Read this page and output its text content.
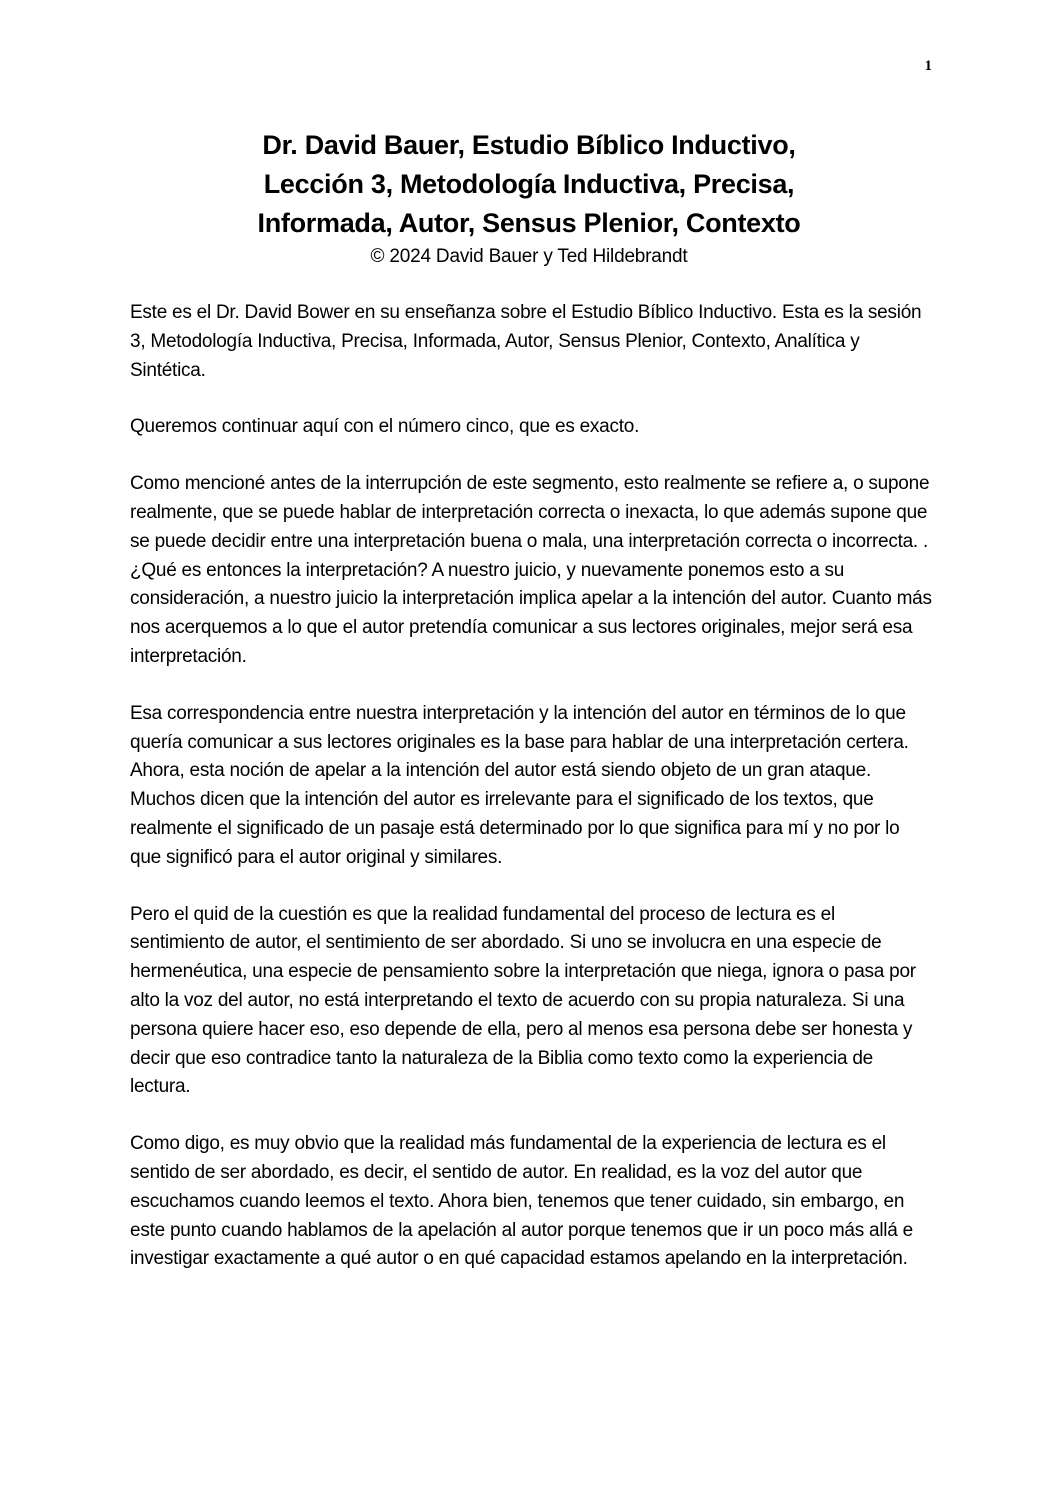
1
Dr. David Bauer, Estudio Bíblico Inductivo,
Lección 3, Metodología Inductiva, Precisa,
Informada, Autor, Sensus Plenior, Contexto
© 2024 David Bauer y Ted Hildebrandt

Este es el Dr. David Bower en su enseñanza sobre el Estudio Bíblico Inductivo. Esta es la sesión 3, Metodología Inductiva, Precisa, Informada, Autor, Sensus Plenior, Contexto, Analítica y Sintética.

Queremos continuar aquí con el número cinco, que es exacto.

Como mencioné antes de la interrupción de este segmento, esto realmente se refiere a, o supone realmente, que se puede hablar de interpretación correcta o inexacta, lo que además supone que se puede decidir entre una interpretación buena o mala, una interpretación correcta o incorrecta. . ¿Qué es entonces la interpretación? A nuestro juicio, y nuevamente ponemos esto a su consideración, a nuestro juicio la interpretación implica apelar a la intención del autor. Cuanto más nos acerquemos a lo que el autor pretendía comunicar a sus lectores originales, mejor será esa interpretación.

Esa correspondencia entre nuestra interpretación y la intención del autor en términos de lo que quería comunicar a sus lectores originales es la base para hablar de una interpretación certera. Ahora, esta noción de apelar a la intención del autor está siendo objeto de un gran ataque. Muchos dicen que la intención del autor es irrelevante para el significado de los textos, que realmente el significado de un pasaje está determinado por lo que significa para mí y no por lo que significó para el autor original y similares.

Pero el quid de la cuestión es que la realidad fundamental del proceso de lectura es el sentimiento de autor, el sentimiento de ser abordado. Si uno se involucra en una especie de hermenéutica, una especie de pensamiento sobre la interpretación que niega, ignora o pasa por alto la voz del autor, no está interpretando el texto de acuerdo con su propia naturaleza. Si una persona quiere hacer eso, eso depende de ella, pero al menos esa persona debe ser honesta y decir que eso contradice tanto la naturaleza de la Biblia como texto como la experiencia de lectura.

Como digo, es muy obvio que la realidad más fundamental de la experiencia de lectura es el sentido de ser abordado, es decir, el sentido de autor. En realidad, es la voz del autor que escuchamos cuando leemos el texto. Ahora bien, tenemos que tener cuidado, sin embargo, en este punto cuando hablamos de la apelación al autor porque tenemos que ir un poco más allá e investigar exactamente a qué autor o en qué capacidad estamos apelando en la interpretación.
